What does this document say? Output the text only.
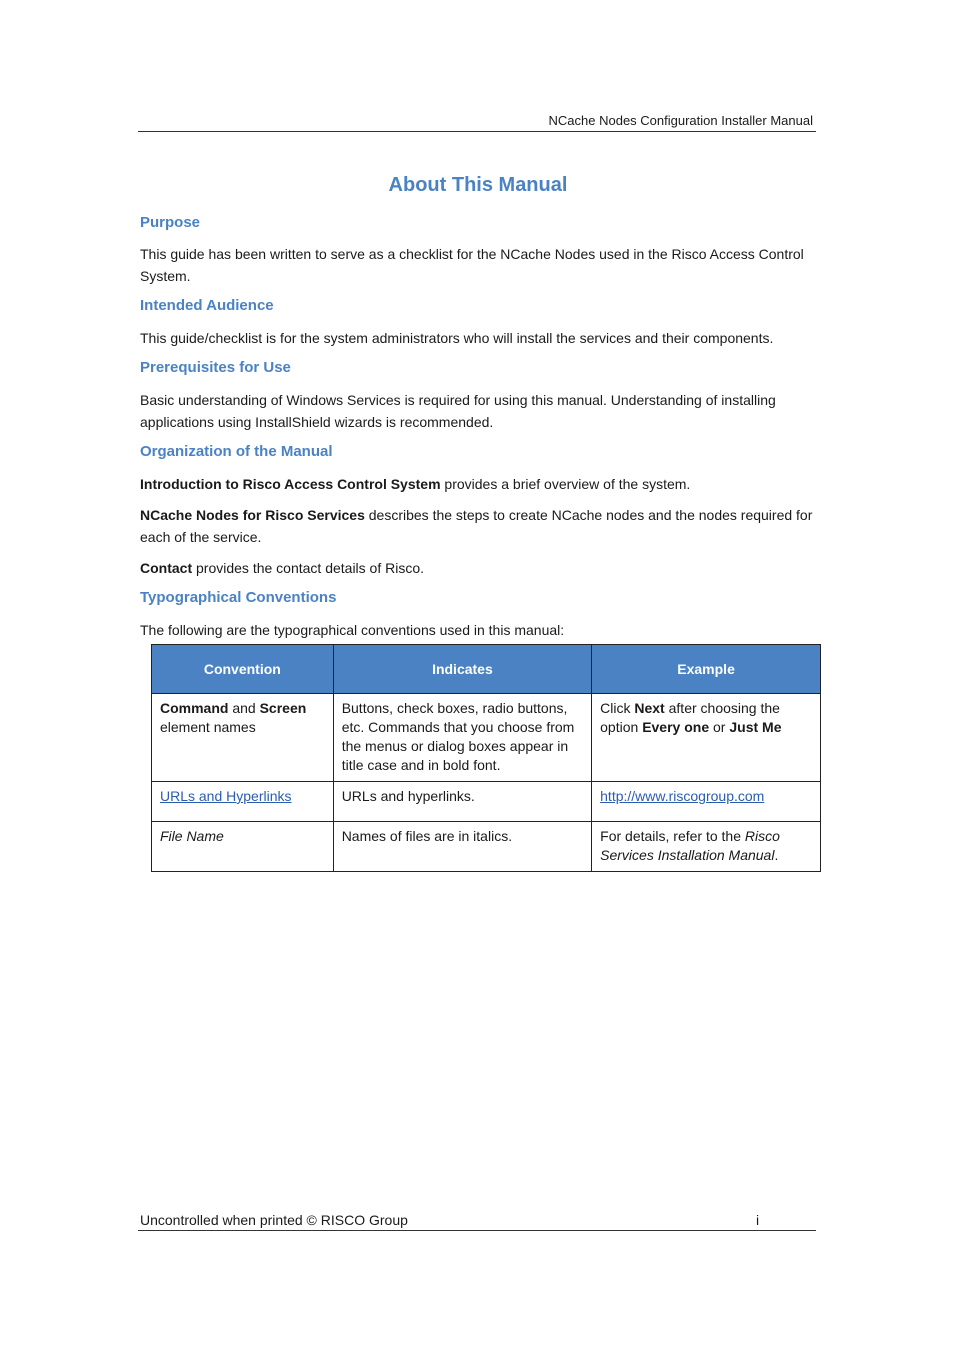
NCache Nodes Configuration Installer Manual
About This Manual
Purpose

This guide has been written to serve as a checklist for the NCache Nodes used in the Risco Access Control System.

Intended Audience

This guide/checklist is for the system administrators who will install the services and their components.

Prerequisites for Use

Basic understanding of Windows Services is required for using this manual. Understanding of installing applications using InstallShield wizards is recommended.

Organization of the Manual

Introduction to Risco Access Control System provides a brief overview of the system.

NCache Nodes for Risco Services describes the steps to create NCache nodes and the nodes required for each of the service.

Contact provides the contact details of Risco.

Typographical Conventions

The following are the typographical conventions used in this manual:

Convention	Indicates	Example
Command and Screen
element names	Buttons, check boxes, radio buttons, etc. Commands that you choose from the menus or dialog boxes appear in title case and in bold font.	Click Next after choosing the option Every one or Just Me
URLs and Hyperlinks	URLs and hyperlinks.	http://www.riscogroup.com
File Name	Names of files are in italics.	For details, refer to the Risco Services Installation Manual.
Uncontrolled when printed © RISCO Group	i
